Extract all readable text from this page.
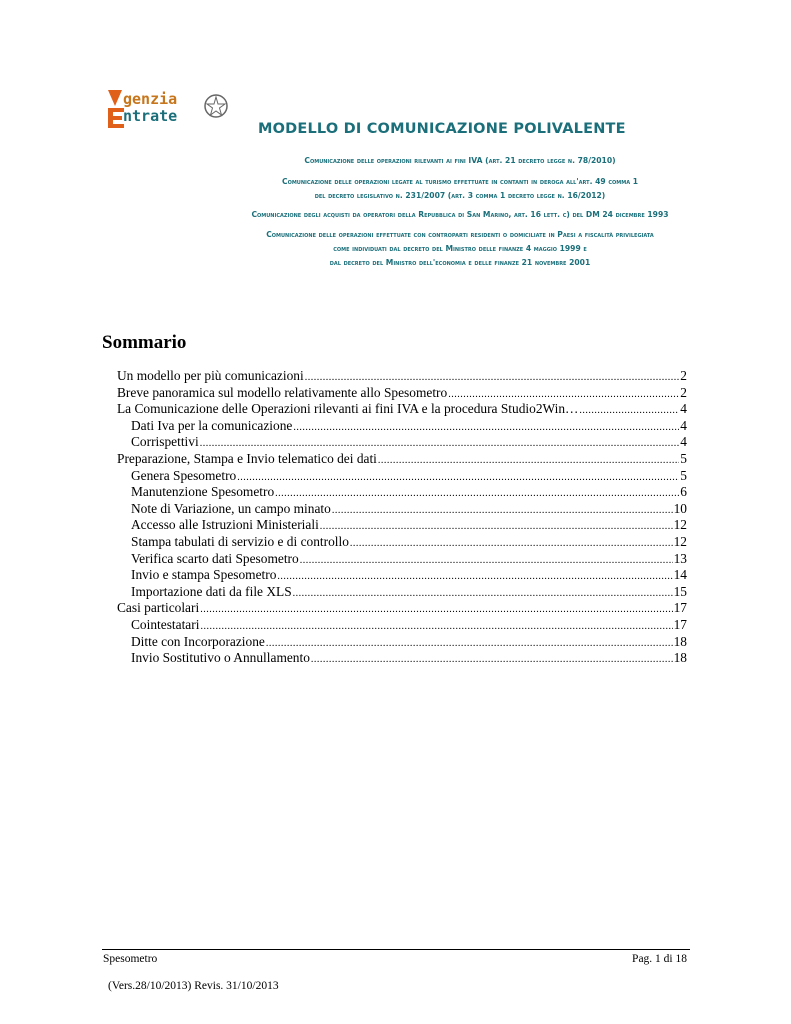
genzia
ntrate
MODELLO DI COMUNICAZIONE POLIVALENTE
Comunicazione delle operazioni rilevanti ai fini IVA (art. 21 decreto legge n. 78/2010)
Comunicazione delle operazioni legate al turismo effettuate in contanti in deroga all'art. 49 comma 1
del decreto legislativo n. 231/2007 (art. 3 comma 1 decreto legge n. 16/2012)
Comunicazione degli acquisti da operatori della Repubblica di San Marino, art. 16 lett. c) del DM 24 dicembre 1993
Comunicazione delle operazioni effettuate con controparti residenti o domiciliate in Paesi a fiscalità privilegiata
come individuati dal decreto del Ministro delle finanze 4 maggio 1999 e
dal decreto del Ministro dell'economia e delle finanze 21 novembre 2001
Sommario
Un modello per più comunicazioni .....	2
Breve panoramica sul modello relativamente allo Spesometro .....	2
La Comunicazione delle Operazioni rilevanti ai fini IVA e la procedura Studio2Win… .....	4
Dati Iva per la comunicazione .....	4
Corrispettivi .....	4
Preparazione, Stampa e Invio telematico dei dati .....	5
Genera Spesometro .....	5
Manutenzione Spesometro .....	6
Note di Variazione, un campo minato .....	10
Accesso alle Istruzioni Ministeriali .....	12
Stampa tabulati di servizio e di controllo .....	12
Verifica scarto dati Spesometro .....	13
Invio e stampa Spesometro .....	14
Importazione dati da file XLS .....	15
Casi particolari .....	17
Cointestatari .....	17
Ditte con Incorporazione .....	18
Invio Sostitutivo o Annullamento .....	18
Spesometro	Pag. 1 di 18
(Vers.28/10/2013) Revis. 31/10/2013
